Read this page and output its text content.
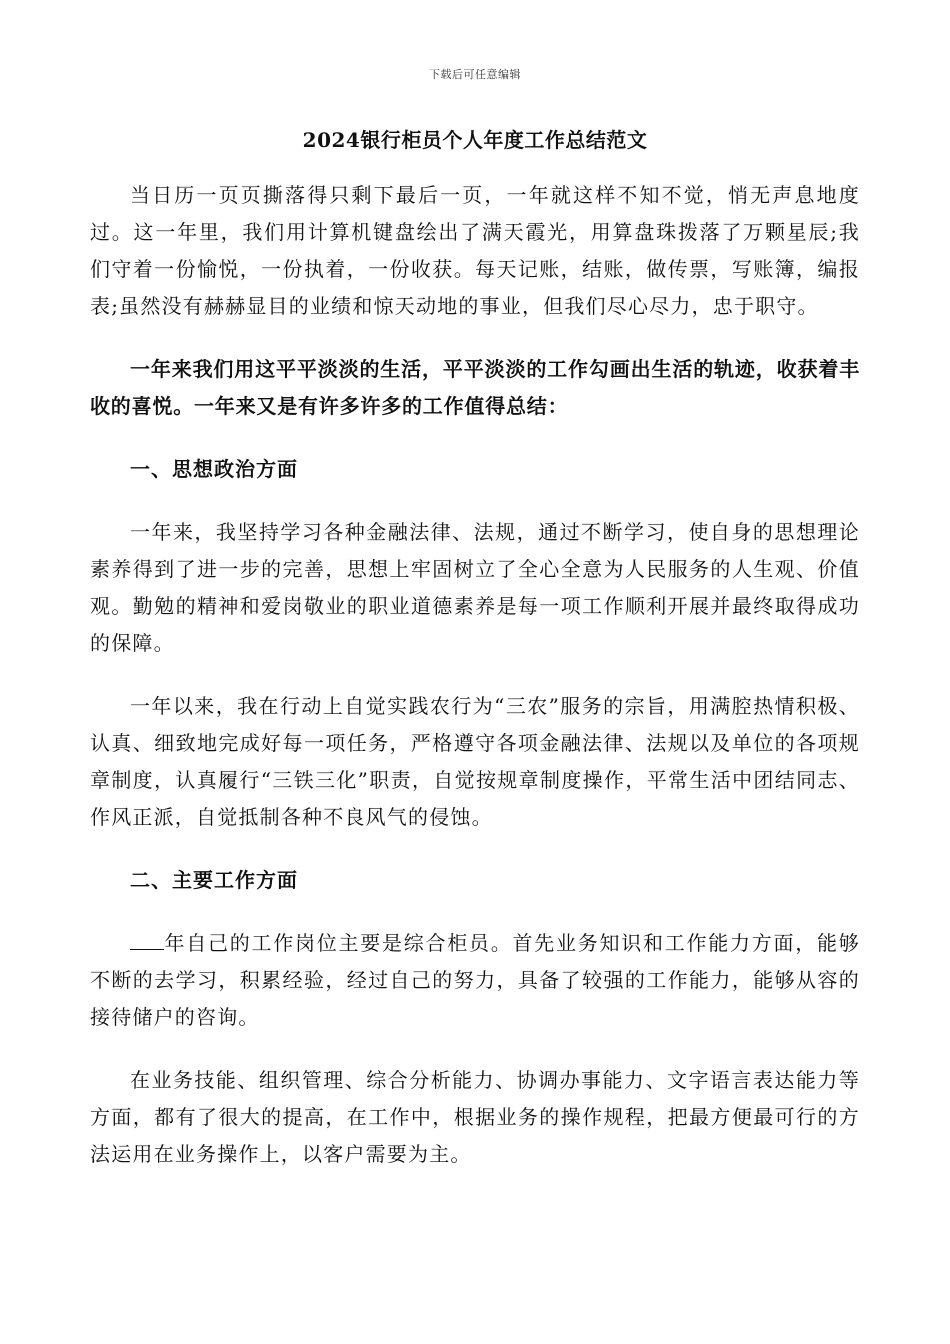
下载后可任意编辑
2024银行柜员个人年度工作总结范文

当日历一页页撕落得只剩下最后一页，一年就这样不知不觉，悄无声息地度过。这一年里，我们用计算机键盘绘出了满天霞光，用算盘珠拨落了万颗星辰;我们守着一份愉悦，一份执着，一份收获。每天记账，结账，做传票，写账簿，编报表;虽然没有赫赫显目的业绩和惊天动地的事业，但我们尽心尽力，忠于职守。

一年来我们用这平平淡淡的生活，平平淡淡的工作勾画出生活的轨迹，收获着丰收的喜悦。一年来又是有许多许多的工作值得总结：

一、思想政治方面

一年来，我坚持学习各种金融法律、法规，通过不断学习，使自身的思想理论素养得到了进一步的完善，思想上牢固树立了全心全意为人民服务的人生观、价值观。勤勉的精神和爱岗敬业的职业道德素养是每一项工作顺利开展并最终取得成功的保障。

一年以来，我在行动上自觉实践农行为“三农”服务的宗旨，用满腔热情积极、认真、细致地完成好每一项任务，严格遵守各项金融法律、法规以及单位的各项规章制度，认真履行“三铁三化”职责，自觉按规章制度操作，平常生活中团结同志、作风正派，自觉抵制各种不良风气的侵蚀。

二、主要工作方面

年自己的工作岗位主要是综合柜员。首先业务知识和工作能力方面，能够不断的去学习，积累经验，经过自己的努力，具备了较强的工作能力，能够从容的接待储户的咨询。

在业务技能、组织管理、综合分析能力、协调办事能力、文字语言表达能力等方面，都有了很大的提高，在工作中，根据业务的操作规程，把最方便最可行的方法运用在业务操作上，以客户需要为主。
